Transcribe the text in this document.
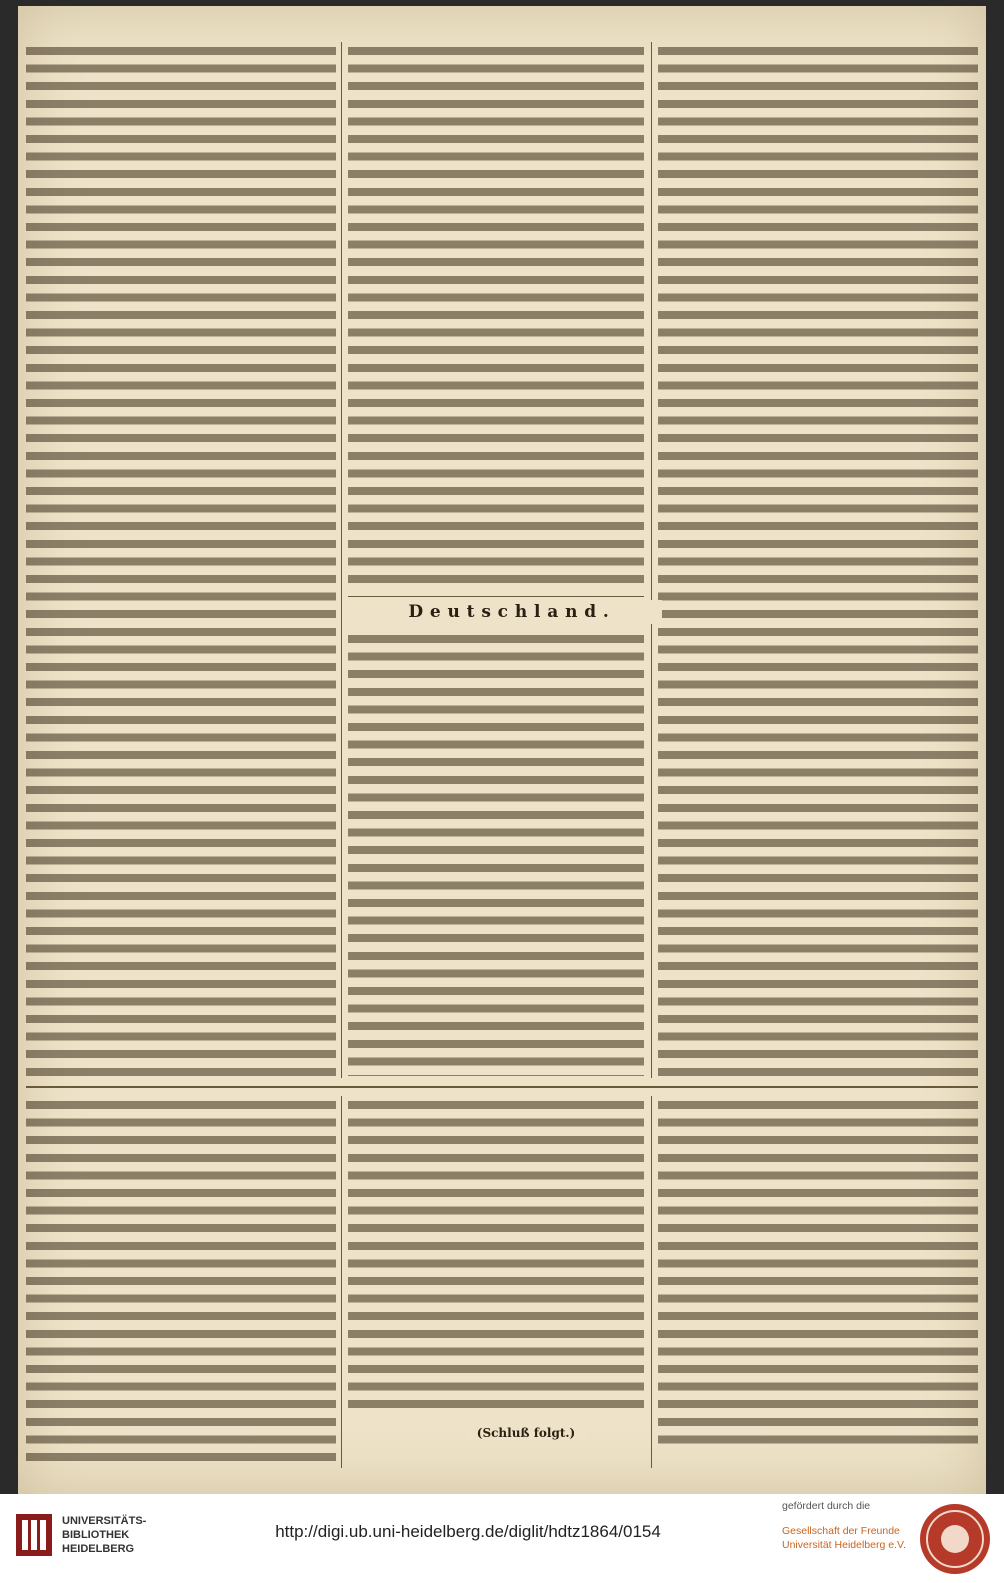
Deutschland.
(Schluß folgt.)
UNIVERSITÄTS-
BIBLIOTHEK
HEIDELBERG
http://digi.ub.uni-heidelberg.de/diglit/hdtz1864/0154
gefördert durch die
Gesellschaft der Freunde
Universität Heidelberg e.V.
